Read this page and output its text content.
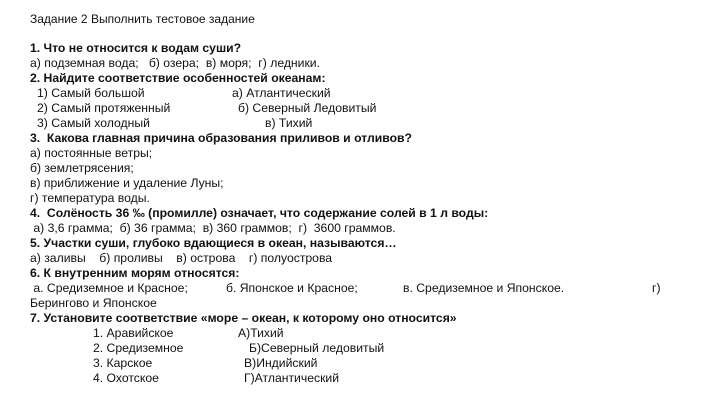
Задание 2 Выполнить тестовое задание
1. Что не относится к водам суши?
а) подземная вода;   б) озера;  в) моря;  г) ледники.
2. Найдите соответствие особенностей океанам:
1) Самый большой	а) Атлантический
2) Самый протяженный	б) Северный Ледовитый
3) Самый холодный	в) Тихий
3.  Какова главная причина образования приливов и отливов?
а) постоянные ветры;
б) землетрясения;
в) приближение и удаление Луны;
г) температура воды.
4.  Солёность 36 ‰ (промилле) означает, что содержание солей в 1 л воды:
а) 3,6 грамма;  б) 36 грамма;  в) 360 граммов;  г)  3600 граммов.
5. Участки суши, глубоко вдающиеся в океан, называются…
а) заливы    б) проливы    в) острова    г) полуострова
6. К внутренним морям относятся:
а. Средиземное и Красное;	б. Японское и Красное;	в. Средиземное и Японское.	г)
Берингово и Японское
7. Установите соответствие «море – океан, к которому оно относится»
1. Аравийское	А)Тихий
2. Средиземное	Б)Северный ледовитый
3. Карское	В)Индийский
4. Охотское	Г)Атлантический
